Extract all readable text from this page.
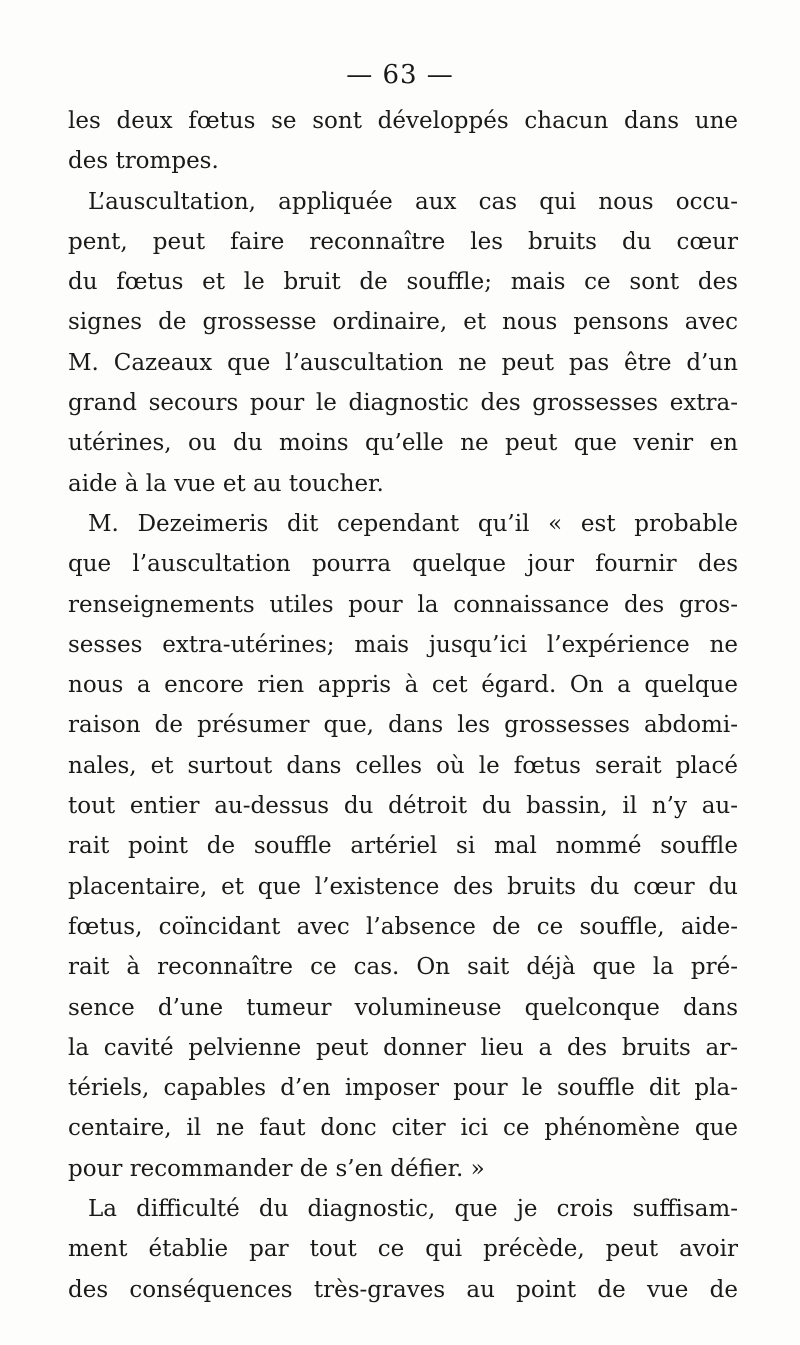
— 63 —

les deux fœtus se sont développés chacun dans une
des trompes.
L’auscultation, appliquée aux cas qui nous occu-
pent, peut faire reconnaître les bruits du cœur
du fœtus et le bruit de souffle; mais ce sont des
signes de grossesse ordinaire, et nous pensons avec
M. Cazeaux que l’auscultation ne peut pas être d’un
grand secours pour le diagnostic des grossesses extra-
utérines, ou du moins qu’elle ne peut que venir en
aide à la vue et au toucher.
M. Dezeimeris dit cependant qu’il « est probable
que l’auscultation pourra quelque jour fournir des
renseignements utiles pour la connaissance des gros-
sesses extra-utérines; mais jusqu’ici l’expérience ne
nous a encore rien appris à cet égard. On a quelque
raison de présumer que, dans les grossesses abdomi-
nales, et surtout dans celles où le fœtus serait placé
tout entier au-dessus du détroit du bassin, il n’y au-
rait point de souffle artériel si mal nommé souffle
placentaire, et que l’existence des bruits du cœur du
fœtus, coïncidant avec l’absence de ce souffle, aide-
rait à reconnaître ce cas. On sait déjà que la pré-
sence d’une tumeur volumineuse quelconque dans
la cavité pelvienne peut donner lieu a des bruits ar-
tériels, capables d’en imposer pour le souffle dit pla-
centaire, il ne faut donc citer ici ce phénomène que
pour recommander de s’en défier. »
La difficulté du diagnostic, que je crois suffisam-
ment établie par tout ce qui précède, peut avoir
des conséquences très-graves au point de vue de
